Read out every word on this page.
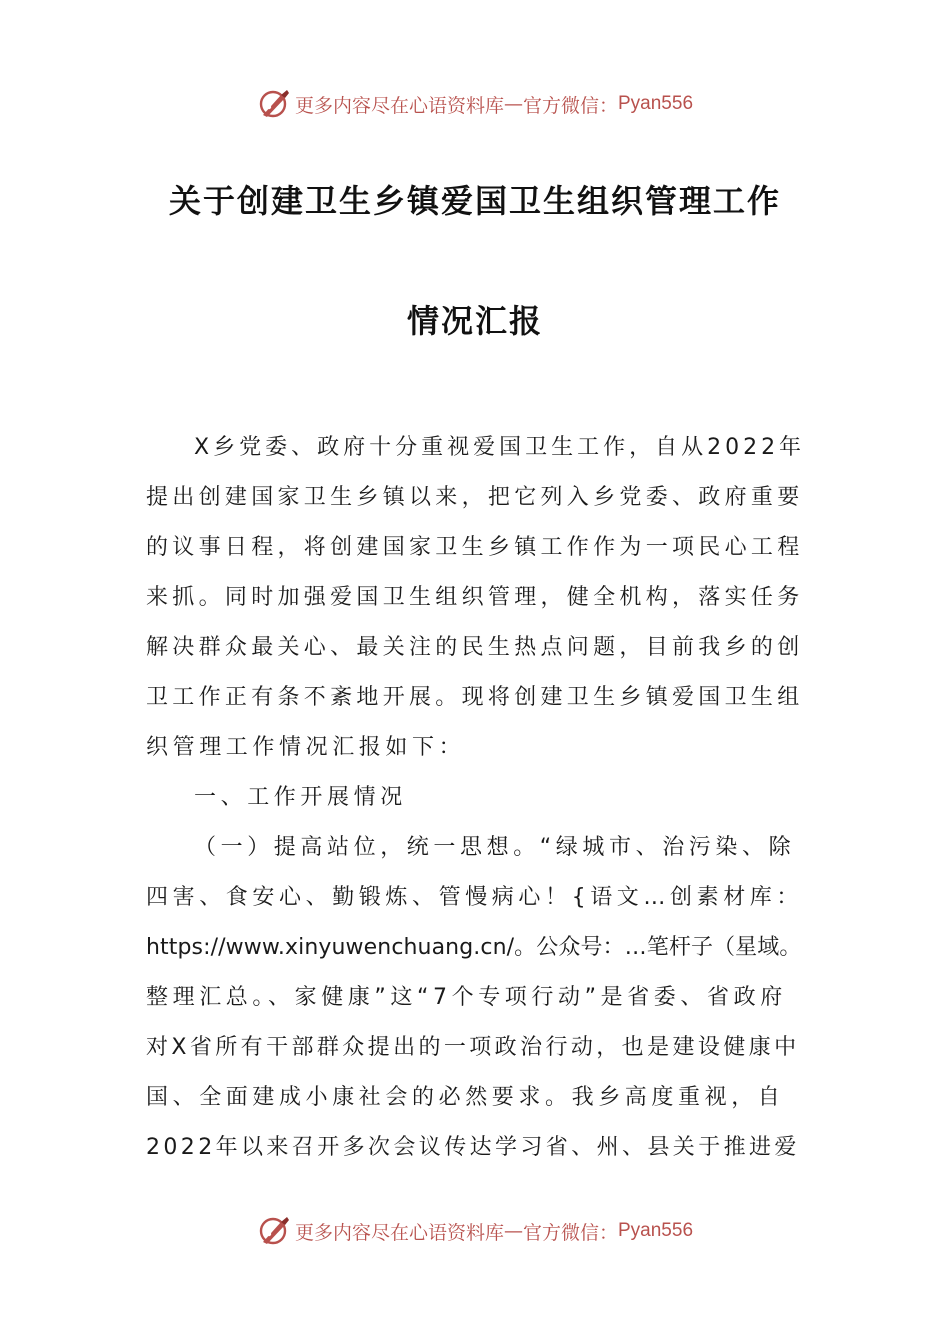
更多内容尽在心语资料库 — 官方微信： Pyan556
关于创建卫生乡镇爱国卫生组织管理工作
情况汇报
X乡党委、政府十分重视爱国卫生工作，自从2022年
提出创建国家卫生乡镇以来，把它列入乡党委、政府重要
的议事日程，将创建国家卫生乡镇工作作为一项民心工程
来抓。同时加强爱国卫生组织管理，健全机构，落实任务
解决群众最关心、最关注的民生热点问题，目前我乡的创
卫工作正有条不紊地开展。现将创建卫生乡镇爱国卫生组
织管理工作情况汇报如下：
一、工作开展情况
（一）提高站位，统一思想。“绿城市、治污染、除
四害、食安心、勤锻炼、管慢病心！{语文…创素材库：
https://www.xinyuwenchuang.cn/。公众号：…笔杆子（星域。
整理汇总。、家健康”这“7个专项行动”是省委、省政府
对X省所有干部群众提出的一项政治行动，也是建设健康中
国、全面建成小康社会的必然要求。我乡高度重视，自
2022年以来召开多次会议传达学习省、州、县关于推进爱
更多内容尽在心语资料库 — 官方微信： Pyan556
